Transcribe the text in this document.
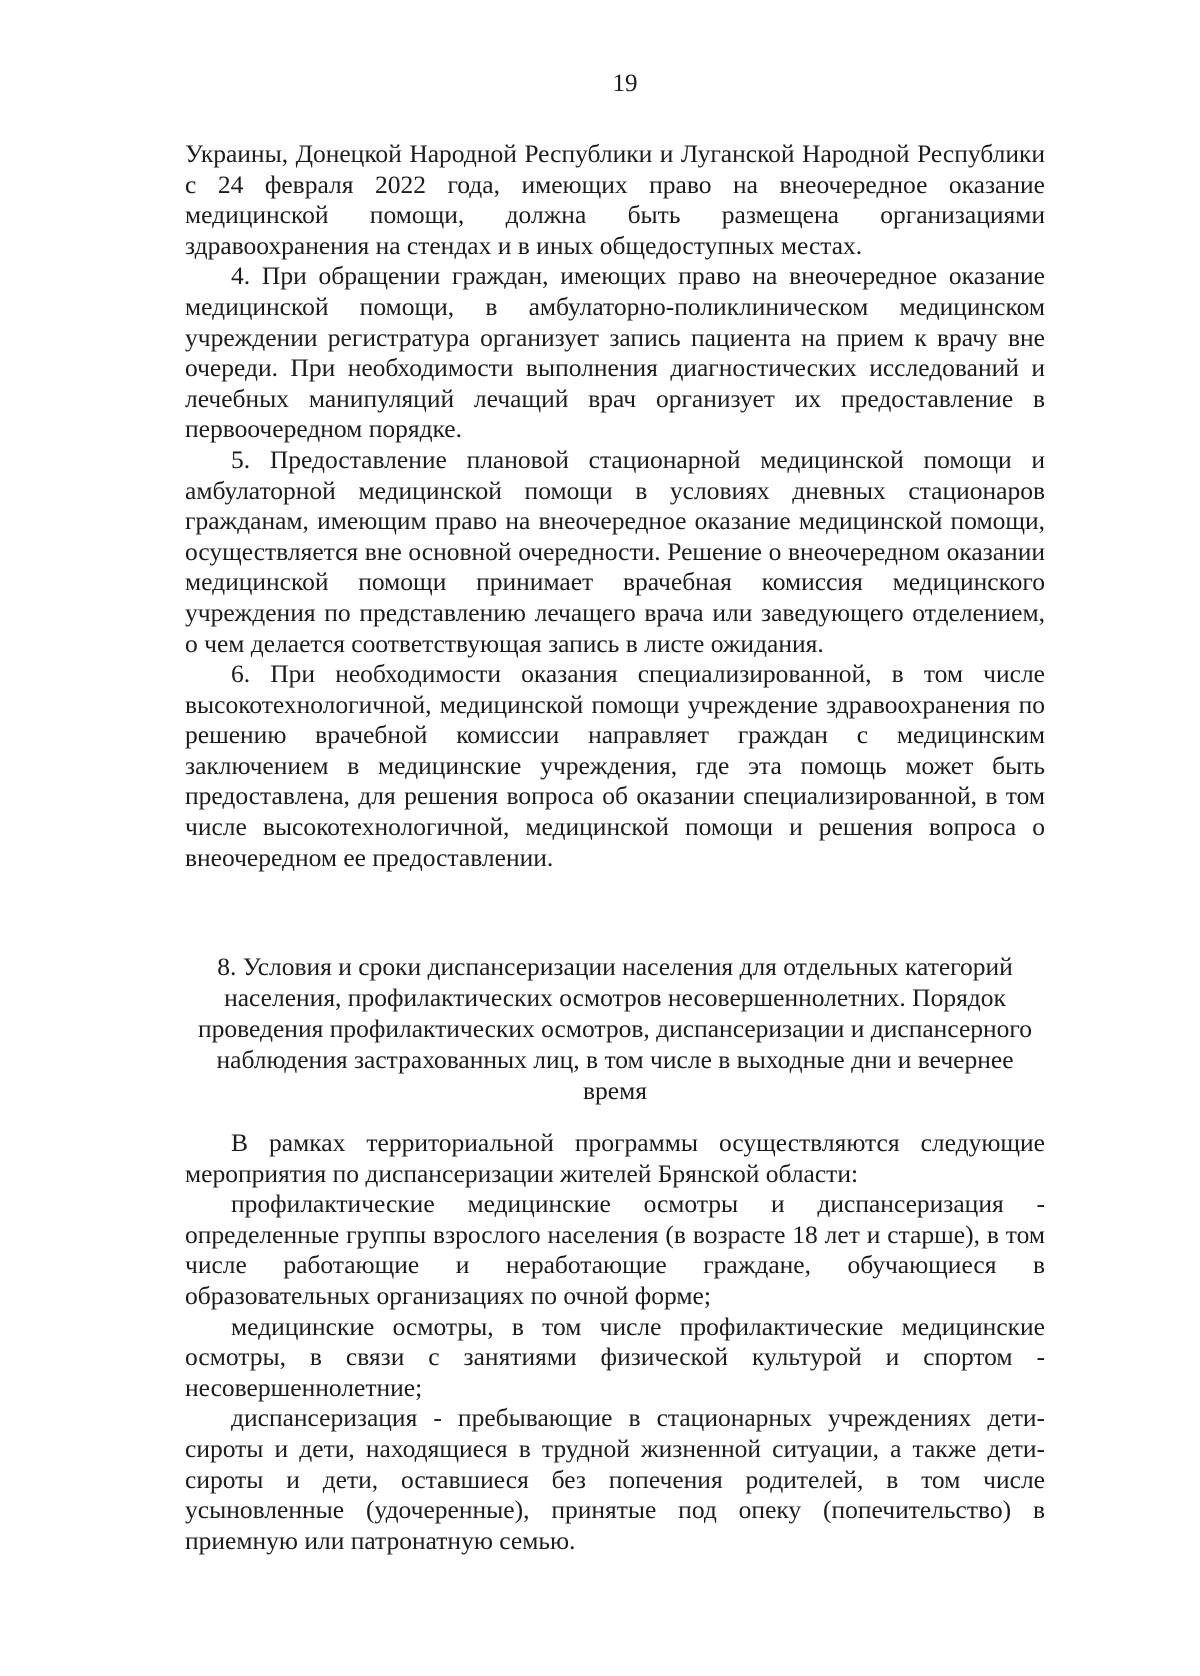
19

Украины, Донецкой Народной Республики и Луганской Народной Республики с 24 февраля 2022 года, имеющих право на внеочередное оказание медицинской помощи, должна быть размещена организациями здравоохранения на стендах и в иных общедоступных местах.

4. При обращении граждан, имеющих право на внеочередное оказание медицинской помощи, в амбулаторно-поликлиническом медицинском учреждении регистратура организует запись пациента на прием к врачу вне очереди. При необходимости выполнения диагностических исследований и лечебных манипуляций лечащий врач организует их предоставление в первоочередном порядке.

5. Предоставление плановой стационарной медицинской помощи и амбулаторной медицинской помощи в условиях дневных стационаров гражданам, имеющим право на внеочередное оказание медицинской помощи, осуществляется вне основной очередности. Решение о внеочередном оказании медицинской помощи принимает врачебная комиссия медицинского учреждения по представлению лечащего врача или заведующего отделением, о чем делается соответствующая запись в листе ожидания.

6. При необходимости оказания специализированной, в том числе высокотехнологичной, медицинской помощи учреждение здравоохранения по решению врачебной комиссии направляет граждан с медицинским заключением в медицинские учреждения, где эта помощь может быть предоставлена, для решения вопроса об оказании специализированной, в том числе высокотехнологичной, медицинской помощи и решения вопроса о внеочередном ее предоставлении.

8. Условия и сроки диспансеризации населения для отдельных категорий населения, профилактических осмотров несовершеннолетних. Порядок проведения профилактических осмотров, диспансеризации и диспансерного наблюдения застрахованных лиц, в том числе в выходные дни и вечернее время

В рамках территориальной программы осуществляются следующие мероприятия по диспансеризации жителей Брянской области:

профилактические медицинские осмотры и диспансеризация - определенные группы взрослого населения (в возрасте 18 лет и старше), в том числе работающие и неработающие граждане, обучающиеся в образовательных организациях по очной форме;

медицинские осмотры, в том числе профилактические медицинские осмотры, в связи с занятиями физической культурой и спортом - несовершеннолетние;

диспансеризация - пребывающие в стационарных учреждениях дети-сироты и дети, находящиеся в трудной жизненной ситуации, а также дети-сироты и дети, оставшиеся без попечения родителей, в том числе усыновленные (удочеренные), принятые под опеку (попечительство) в приемную или патронатную семью.
